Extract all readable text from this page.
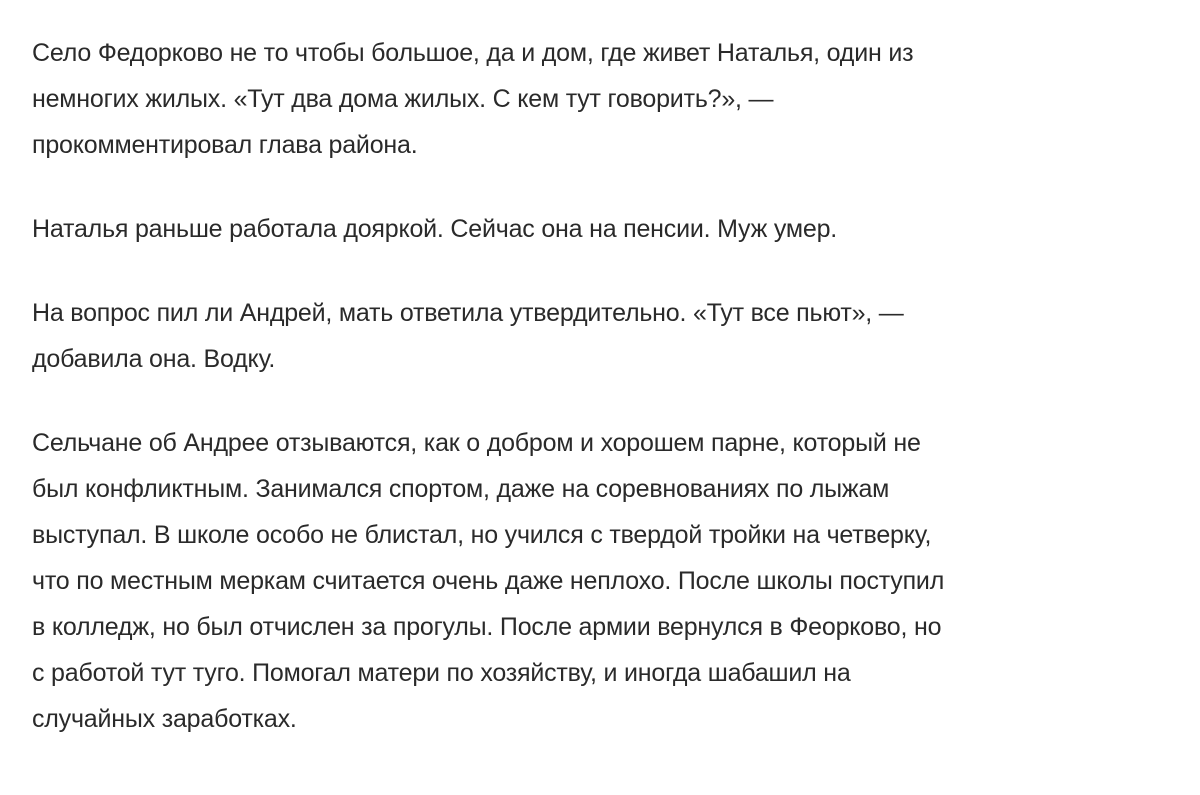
Село Федорково не то чтобы большое, да и дом, где живет Наталья, один из
немногих жилых. «Тут два дома жилых. С кем тут говорить?», —
прокомментировал глава района.

Наталья раньше работала дояркой. Сейчас она на пенсии. Муж умер.

На вопрос пил ли Андрей, мать ответила утвердительно. «Тут все пьют», —
добавила она. Водку.

Сельчане об Андрее отзываются, как о добром и хорошем парне, который не
был конфликтным. Занимался спортом, даже на соревнованиях по лыжам
выступал. В школе особо не блистал, но учился с твердой тройки на четверку,
что по местным меркам считается очень даже неплохо. После школы поступил
в колледж, но был отчислен за прогулы. После армии вернулся в Феорково, но
с работой тут туго. Помогал матери по хозяйству, и иногда шабашил на
случайных заработках.
